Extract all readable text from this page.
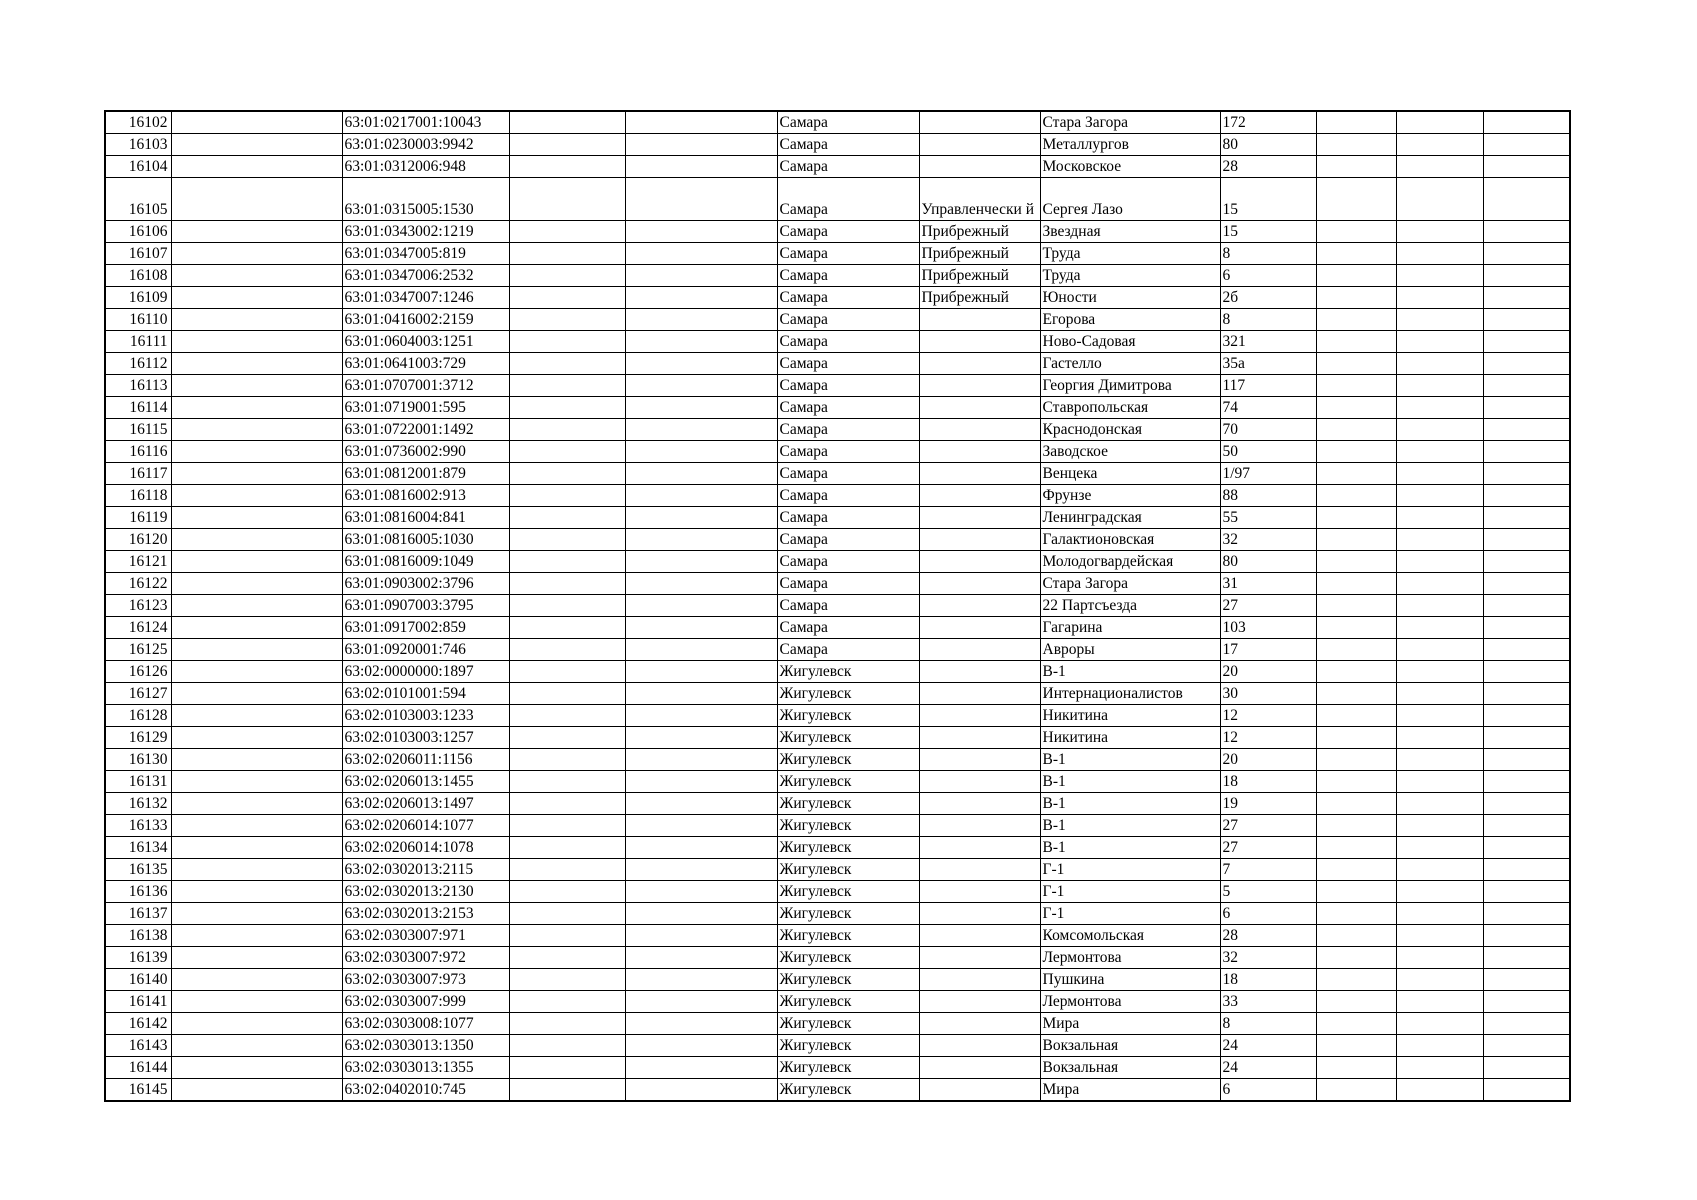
16102		63:01:0217001:10043			Самара		Стара Загора	172			
16103		63:01:0230003:9942			Самара		Металлургов	80			
16104		63:01:0312006:948			Самара		Московское	28			
16105		63:01:0315005:1530			Самара	Управленчески й	Сергея Лазо	15			
16106		63:01:0343002:1219			Самара	Прибрежный	Звездная	15			
16107		63:01:0347005:819			Самара	Прибрежный	Труда	8			
16108		63:01:0347006:2532			Самара	Прибрежный	Труда	6			
16109		63:01:0347007:1246			Самара	Прибрежный	Юности	2б			
16110		63:01:0416002:2159			Самара		Егорова	8			
16111		63:01:0604003:1251			Самара		Ново-Садовая	321			
16112		63:01:0641003:729			Самара		Гастелло	35а			
16113		63:01:0707001:3712			Самара		Георгия Димитрова	117			
16114		63:01:0719001:595			Самара		Ставропольская	74			
16115		63:01:0722001:1492			Самара		Краснодонская	70			
16116		63:01:0736002:990			Самара		Заводское	50			
16117		63:01:0812001:879			Самара		Венцека	1/97			
16118		63:01:0816002:913			Самара		Фрунзе	88			
16119		63:01:0816004:841			Самара		Ленинградская	55			
16120		63:01:0816005:1030			Самара		Галактионовская	32			
16121		63:01:0816009:1049			Самара		Молодогвардейская	80			
16122		63:01:0903002:3796			Самара		Стара Загора	31			
16123		63:01:0907003:3795			Самара		22 Партсъезда	27			
16124		63:01:0917002:859			Самара		Гагарина	103			
16125		63:01:0920001:746			Самара		Авроры	17			
16126		63:02:0000000:1897			Жигулевск		В-1	20			
16127		63:02:0101001:594			Жигулевск		Интернационалистов	30			
16128		63:02:0103003:1233			Жигулевск		Никитина	12			
16129		63:02:0103003:1257			Жигулевск		Никитина	12			
16130		63:02:0206011:1156			Жигулевск		В-1	20			
16131		63:02:0206013:1455			Жигулевск		В-1	18			
16132		63:02:0206013:1497			Жигулевск		В-1	19			
16133		63:02:0206014:1077			Жигулевск		В-1	27			
16134		63:02:0206014:1078			Жигулевск		В-1	27			
16135		63:02:0302013:2115			Жигулевск		Г-1	7			
16136		63:02:0302013:2130			Жигулевск		Г-1	5			
16137		63:02:0302013:2153			Жигулевск		Г-1	6			
16138		63:02:0303007:971			Жигулевск		Комсомольская	28			
16139		63:02:0303007:972			Жигулевск		Лермонтова	32			
16140		63:02:0303007:973			Жигулевск		Пушкина	18			
16141		63:02:0303007:999			Жигулевск		Лермонтова	33			
16142		63:02:0303008:1077			Жигулевск		Мира	8			
16143		63:02:0303013:1350			Жигулевск		Вокзальная	24			
16144		63:02:0303013:1355			Жигулевск		Вокзальная	24			
16145		63:02:0402010:745			Жигулевск		Мира	6			
